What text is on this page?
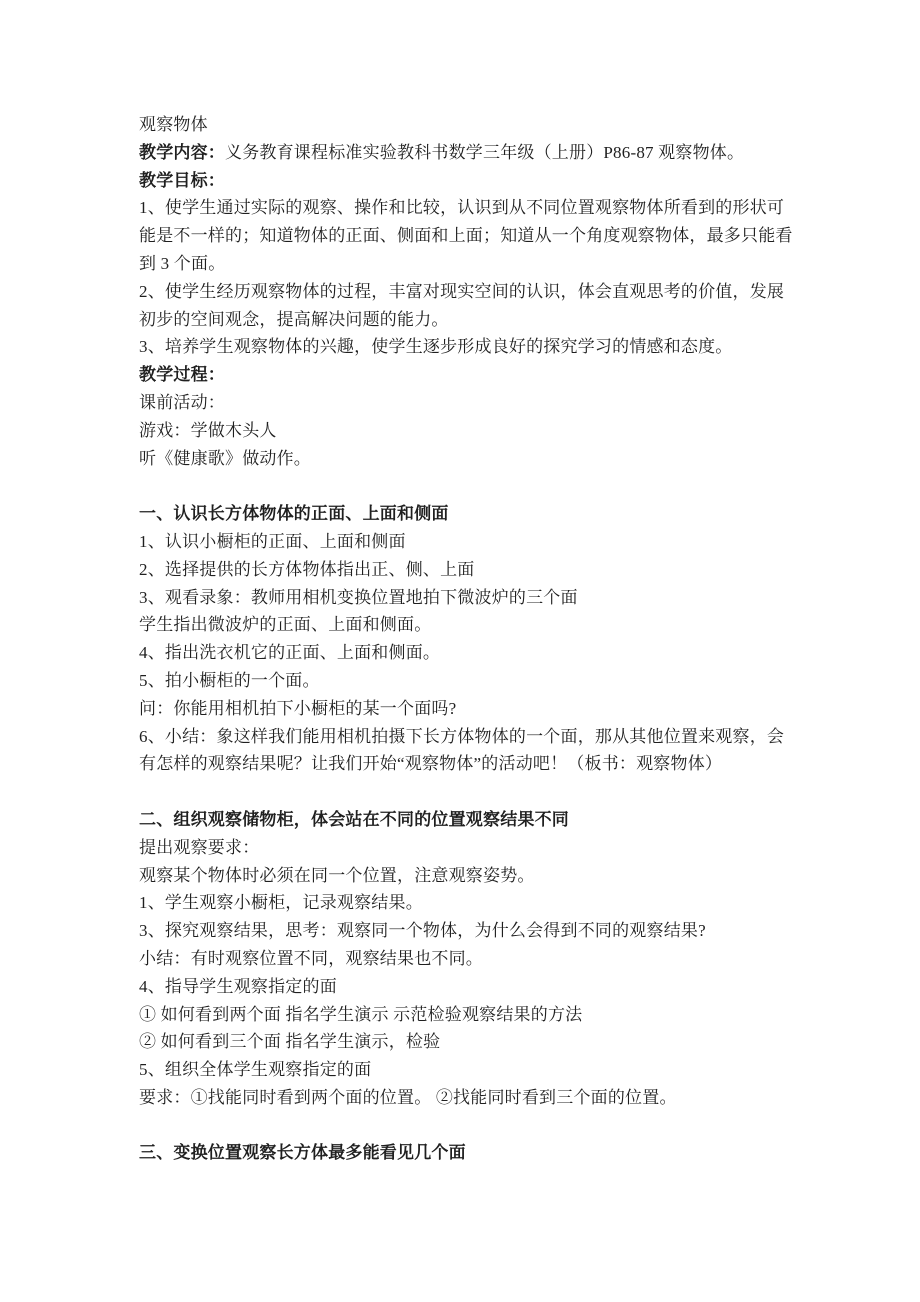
观察物体
教学内容：义务教育课程标准实验教科书数学三年级（上册）P86-87 观察物体。
教学目标：
1、使学生通过实际的观察、操作和比较，认识到从不同位置观察物体所看到的形状可
能是不一样的；知道物体的正面、侧面和上面；知道从一个角度观察物体，最多只能看
到 3 个面。
2、使学生经历观察物体的过程，丰富对现实空间的认识，体会直观思考的价值，发展
初步的空间观念，提高解决问题的能力。
3、培养学生观察物体的兴趣，使学生逐步形成良好的探究学习的情感和态度。
教学过程：
课前活动：
游戏：学做木头人
听《健康歌》做动作。

一、认识长方体物体的正面、上面和侧面
1、认识小橱柜的正面、上面和侧面
2、选择提供的长方体物体指出正、侧、上面
3、观看录象：教师用相机变换位置地拍下微波炉的三个面
学生指出微波炉的正面、上面和侧面。
4、指出洗衣机它的正面、上面和侧面。
5、拍小橱柜的一个面。
问：你能用相机拍下小橱柜的某一个面吗?
6、小结：象这样我们能用相机拍摄下长方体物体的一个面，那从其他位置来观察，会
有怎样的观察结果呢？让我们开始“观察物体”的活动吧！（板书：观察物体）

二、组织观察储物柜，体会站在不同的位置观察结果不同
提出观察要求：
观察某个物体时必须在同一个位置，注意观察姿势。
1、学生观察小橱柜，记录观察结果。
3、探究观察结果，思考：观察同一个物体，为什么会得到不同的观察结果?
小结：有时观察位置不同，观察结果也不同。
4、指导学生观察指定的面
① 如何看到两个面 指名学生演示 示范检验观察结果的方法
② 如何看到三个面 指名学生演示，检验
5、组织全体学生观察指定的面
要求：①找能同时看到两个面的位置。 ②找能同时看到三个面的位置。

三、变换位置观察长方体最多能看见几个面
